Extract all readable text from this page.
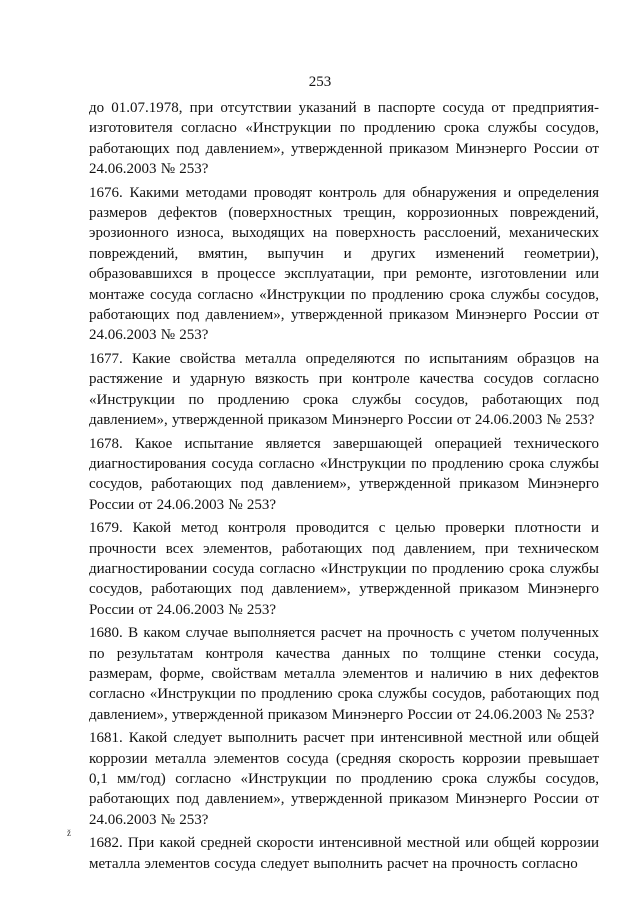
253

до 01.07.1978, при отсутствии указаний в паспорте сосуда от предприятия-изготовителя согласно «Инструкции по продлению срока службы сосудов, работающих под давлением», утвержденной приказом Минэнерго России от 24.06.2003 № 253?

1676. Какими методами проводят контроль для обнаружения и определения размеров дефектов (поверхностных трещин, коррозионных повреждений, эрозионного износа, выходящих на поверхность расслоений, механических повреждений, вмятин, выпучин и других изменений геометрии), образовавшихся в процессе эксплуатации, при ремонте, изготовлении или монтаже сосуда согласно «Инструкции по продлению срока службы сосудов, работающих под давлением», утвержденной приказом Минэнерго России от 24.06.2003 № 253?

1677. Какие свойства металла определяются по испытаниям образцов на растяжение и ударную вязкость при контроле качества сосудов согласно «Инструкции по продлению срока службы сосудов, работающих под давлением», утвержденной приказом Минэнерго России от 24.06.2003 № 253?

1678. Какое испытание является завершающей операцией технического диагностирования сосуда согласно «Инструкции по продлению срока службы сосудов, работающих под давлением», утвержденной приказом Минэнерго России от 24.06.2003 № 253?

1679. Какой метод контроля проводится с целью проверки плотности и прочности всех элементов, работающих под давлением, при техническом диагностировании сосуда согласно «Инструкции по продлению срока службы сосудов, работающих под давлением», утвержденной приказом Минэнерго России от 24.06.2003 № 253?

1680. В каком случае выполняется расчет на прочность с учетом полученных по результатам контроля качества данных по толщине стенки сосуда, размерам, форме, свойствам металла элементов и наличию в них дефектов согласно «Инструкции по продлению срока службы сосудов, работающих под давлением», утвержденной приказом Минэнерго России от 24.06.2003 № 253?

1681. Какой следует выполнить расчет при интенсивной местной или общей коррозии металла элементов сосуда (средняя скорость коррозии превышает 0,1 мм/год) согласно «Инструкции по продлению срока службы сосудов, работающих под давлением», утвержденной приказом Минэнерго России от 24.06.2003 № 253?

1682. При какой средней скорости интенсивной местной или общей коррозии металла элементов сосуда следует выполнить расчет на прочность согласно

ž
